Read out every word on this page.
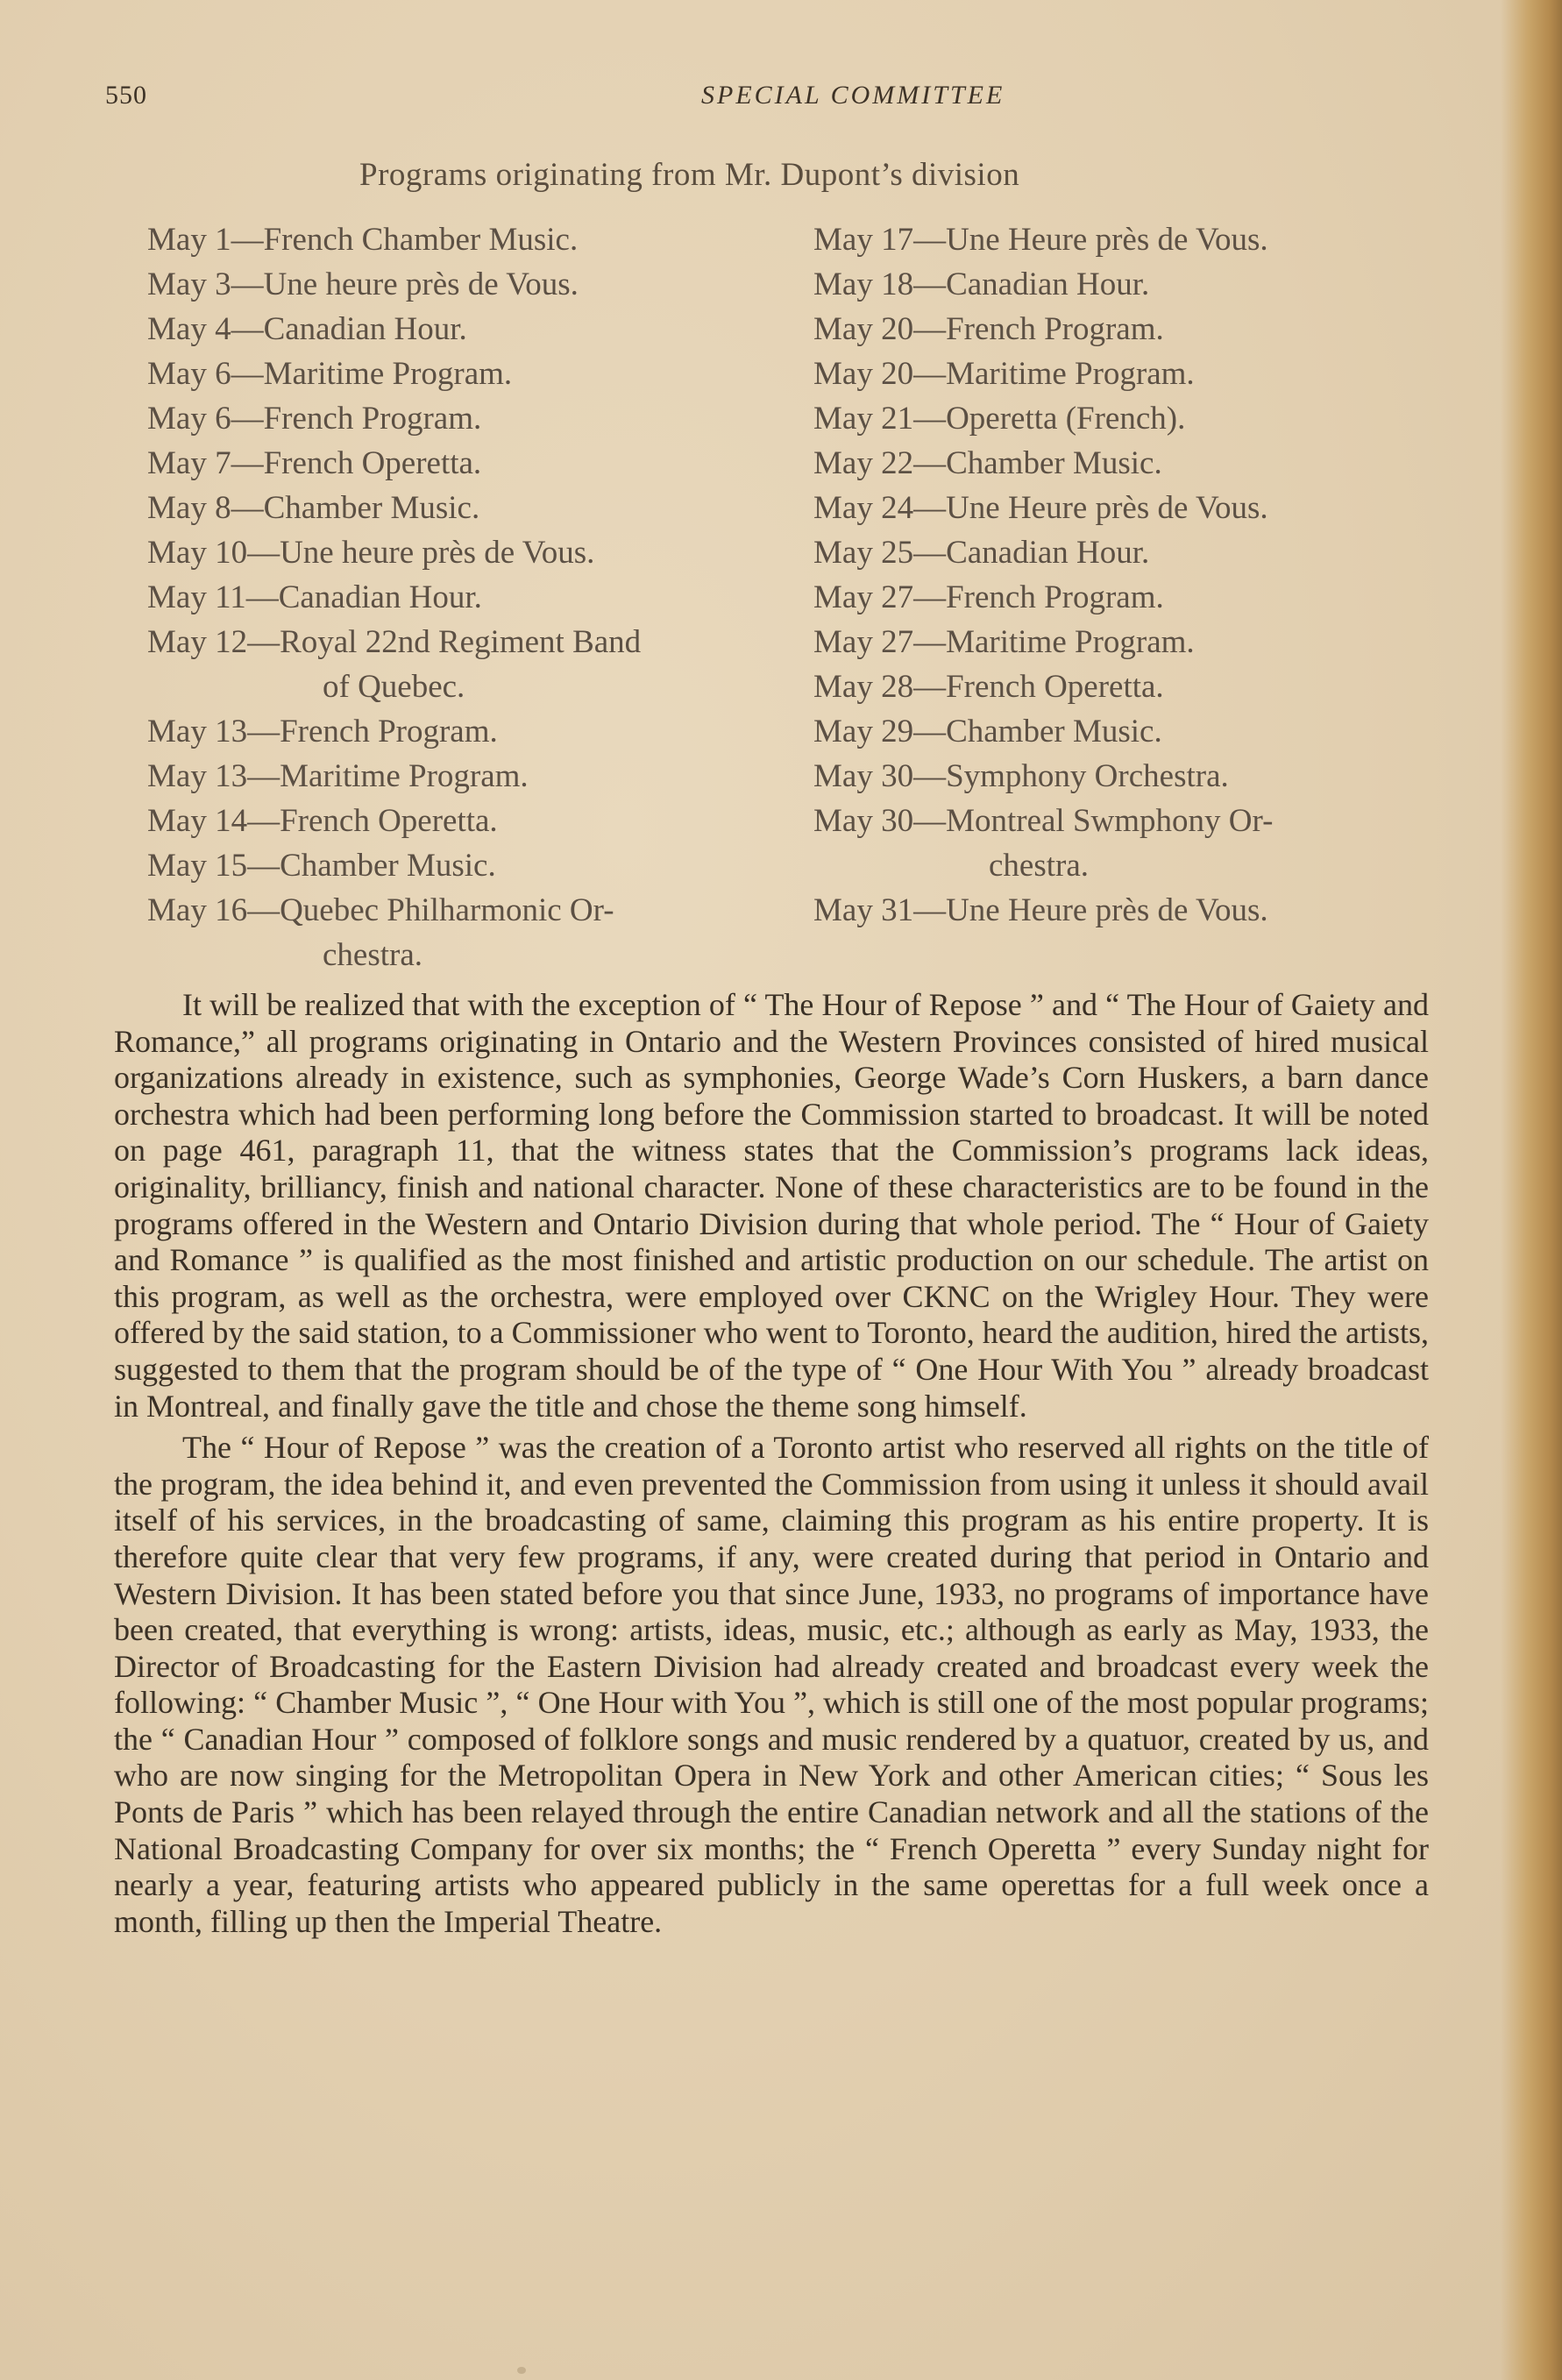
550	SPECIAL COMMITTEE
Programs originating from Mr. Dupont’s division
May 1—French Chamber Music.
May 3—Une heure près de Vous.
May 4—Canadian Hour.
May 6—Maritime Program.
May 6—French Program.
May 7—French Operetta.
May 8—Chamber Music.
May 10—Une heure près de Vous.
May 11—Canadian Hour.
May 12—Royal 22nd Regiment Band
of Quebec.
May 13—French Program.
May 13—Maritime Program.
May 14—French Operetta.
May 15—Chamber Music.
May 16—Quebec Philharmonic Or-
chestra.
May 17—Une Heure près de Vous.
May 18—Canadian Hour.
May 20—French Program.
May 20—Maritime Program.
May 21—Operetta (French).
May 22—Chamber Music.
May 24—Une Heure près de Vous.
May 25—Canadian Hour.
May 27—French Program.
May 27—Maritime Program.
May 28—French Operetta.
May 29—Chamber Music.
May 30—Symphony Orchestra.
May 30—Montreal Swmphony Or-
chestra.
May 31—Une Heure près de Vous.

It will be realized that with the exception of “ The Hour of Repose ” and “ The Hour of Gaiety and Romance,” all programs originating in Ontario and the Western Provinces consisted of hired musical organizations already in existence, such as symphonies, George Wade’s Corn Huskers, a barn dance orchestra which had been performing long before the Commission started to broadcast. It will be noted on page 461, paragraph 11, that the witness states that the Commission’s programs lack ideas, originality, brilliancy, finish and national character. None of these characteristics are to be found in the programs offered in the Western and Ontario Division during that whole period. The “ Hour of Gaiety and Romance ” is qualified as the most finished and artistic production on our schedule. The artist on this program, as well as the orchestra, were employed over CKNC on the Wrigley Hour. They were offered by the said station, to a Commissioner who went to Toronto, heard the audition, hired the artists, suggested to them that the program should be of the type of “ One Hour With You ” already broadcast in Montreal, and finally gave the title and chose the theme song himself.

The “ Hour of Repose ” was the creation of a Toronto artist who reserved all rights on the title of the program, the idea behind it, and even prevented the Commission from using it unless it should avail itself of his services, in the broadcasting of same, claiming this program as his entire property. It is therefore quite clear that very few programs, if any, were created during that period in Ontario and Western Division. It has been stated before you that since June, 1933, no programs of importance have been created, that everything is wrong: artists, ideas, music, etc.; although as early as May, 1933, the Director of Broadcasting for the Eastern Division had already created and broadcast every week the following: “ Chamber Music ”, “ One Hour with You ”, which is still one of the most popular programs; the “ Canadian Hour ” composed of folklore songs and music rendered by a quatuor, created by us, and who are now singing for the Metropolitan Opera in New York and other American cities; “ Sous les Ponts de Paris ” which has been relayed through the entire Canadian network and all the stations of the National Broadcasting Company for over six months; the “ French Operetta ” every Sunday night for nearly a year, featuring artists who appeared publicly in the same operettas for a full week once a month, filling up then the Imperial Theatre.
